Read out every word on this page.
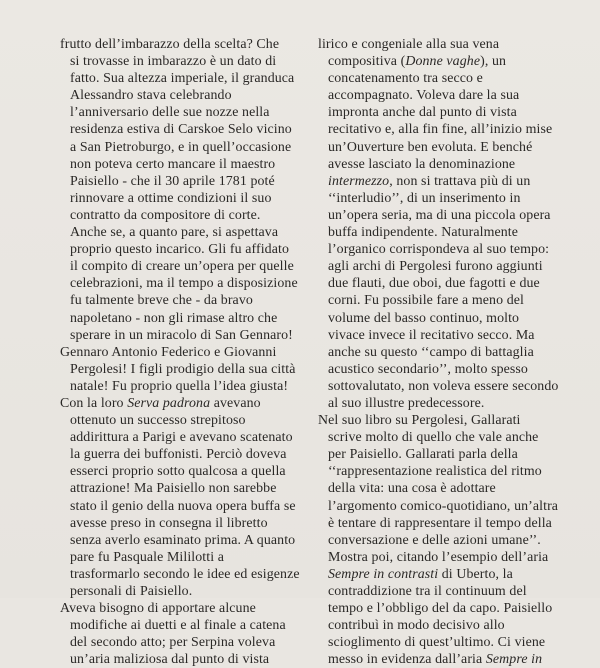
frutto dell’imbarazzo della scelta? Che
si trovasse in imbarazzo è un dato di
fatto. Sua altezza imperiale, il granduca
Alessandro stava celebrando
l’anniversario delle sue nozze nella
residenza estiva di Carskoe Selo vicino
a San Pietroburgo, e in quell’occasione
non poteva certo mancare il maestro
Paisiello - che il 30 aprile 1781 poté
rinnovare a ottime condizioni il suo
contratto da compositore di corte.
Anche se, a quanto pare, si aspettava
proprio questo incarico. Gli fu affidato
il compito di creare un’opera per quelle
celebrazioni, ma il tempo a disposizione
fu talmente breve che - da bravo
napoletano - non gli rimase altro che
sperare in un miracolo di San Gennaro!
Gennaro Antonio Federico e Giovanni
Pergolesi! I figli prodigio della sua città
natale! Fu proprio quella l’idea giusta!
Con la loro Serva padrona avevano
ottenuto un successo strepitoso
addirittura a Parigi e avevano scatenato
la guerra dei buffonisti. Perciò doveva
esserci proprio sotto qualcosa a quella
attrazione! Ma Paisiello non sarebbe
stato il genio della nuova opera buffa se
avesse preso in consegna il libretto
senza averlo esaminato prima. A quanto
pare fu Pasquale Mililotti a
trasformarlo secondo le idee ed esigenze
personali di Paisiello.
Aveva bisogno di apportare alcune
modifiche ai duetti e al finale a catena
del secondo atto; per Serpina voleva
un’aria maliziosa dal punto di vista
lirico e congeniale alla sua vena
compositiva (Donne vaghe), un
concatenamento tra secco e
accompagnato. Voleva dare la sua
impronta anche dal punto di vista
recitativo e, alla fin fine, all’inizio mise
un’Ouverture ben evoluta. E benché
avesse lasciato la denominazione
intermezzo, non si trattava più di un
‘‘interludio’’, di un inserimento in
un’opera seria, ma di una piccola opera
buffa indipendente. Naturalmente
l’organico corrispondeva al suo tempo:
agli archi di Pergolesi furono aggiunti
due flauti, due oboi, due fagotti e due
corni. Fu possibile fare a meno del
volume del basso continuo, molto
vivace invece il recitativo secco. Ma
anche su questo ‘‘campo di battaglia
acustico secondario’’, molto spesso
sottovalutato, non voleva essere secondo
al suo illustre predecessore.
Nel suo libro su Pergolesi, Gallarati
scrive molto di quello che vale anche
per Paisiello. Gallarati parla della
‘‘rappresentazione realistica del ritmo
della vita: una cosa è adottare
l’argomento comico-quotidiano, un’altra
è tentare di rappresentare il tempo della
conversazione e delle azioni umane’’.
Mostra poi, citando l’esempio dell’aria
Sempre in contrasti di Uberto, la
contraddizione tra il continuum del
tempo e l’obbligo del da capo. Paisiello
contribuì in modo decisivo allo
scioglimento di quest’ultimo. Ci viene
messo in evidenza dall’aria Sempre in
